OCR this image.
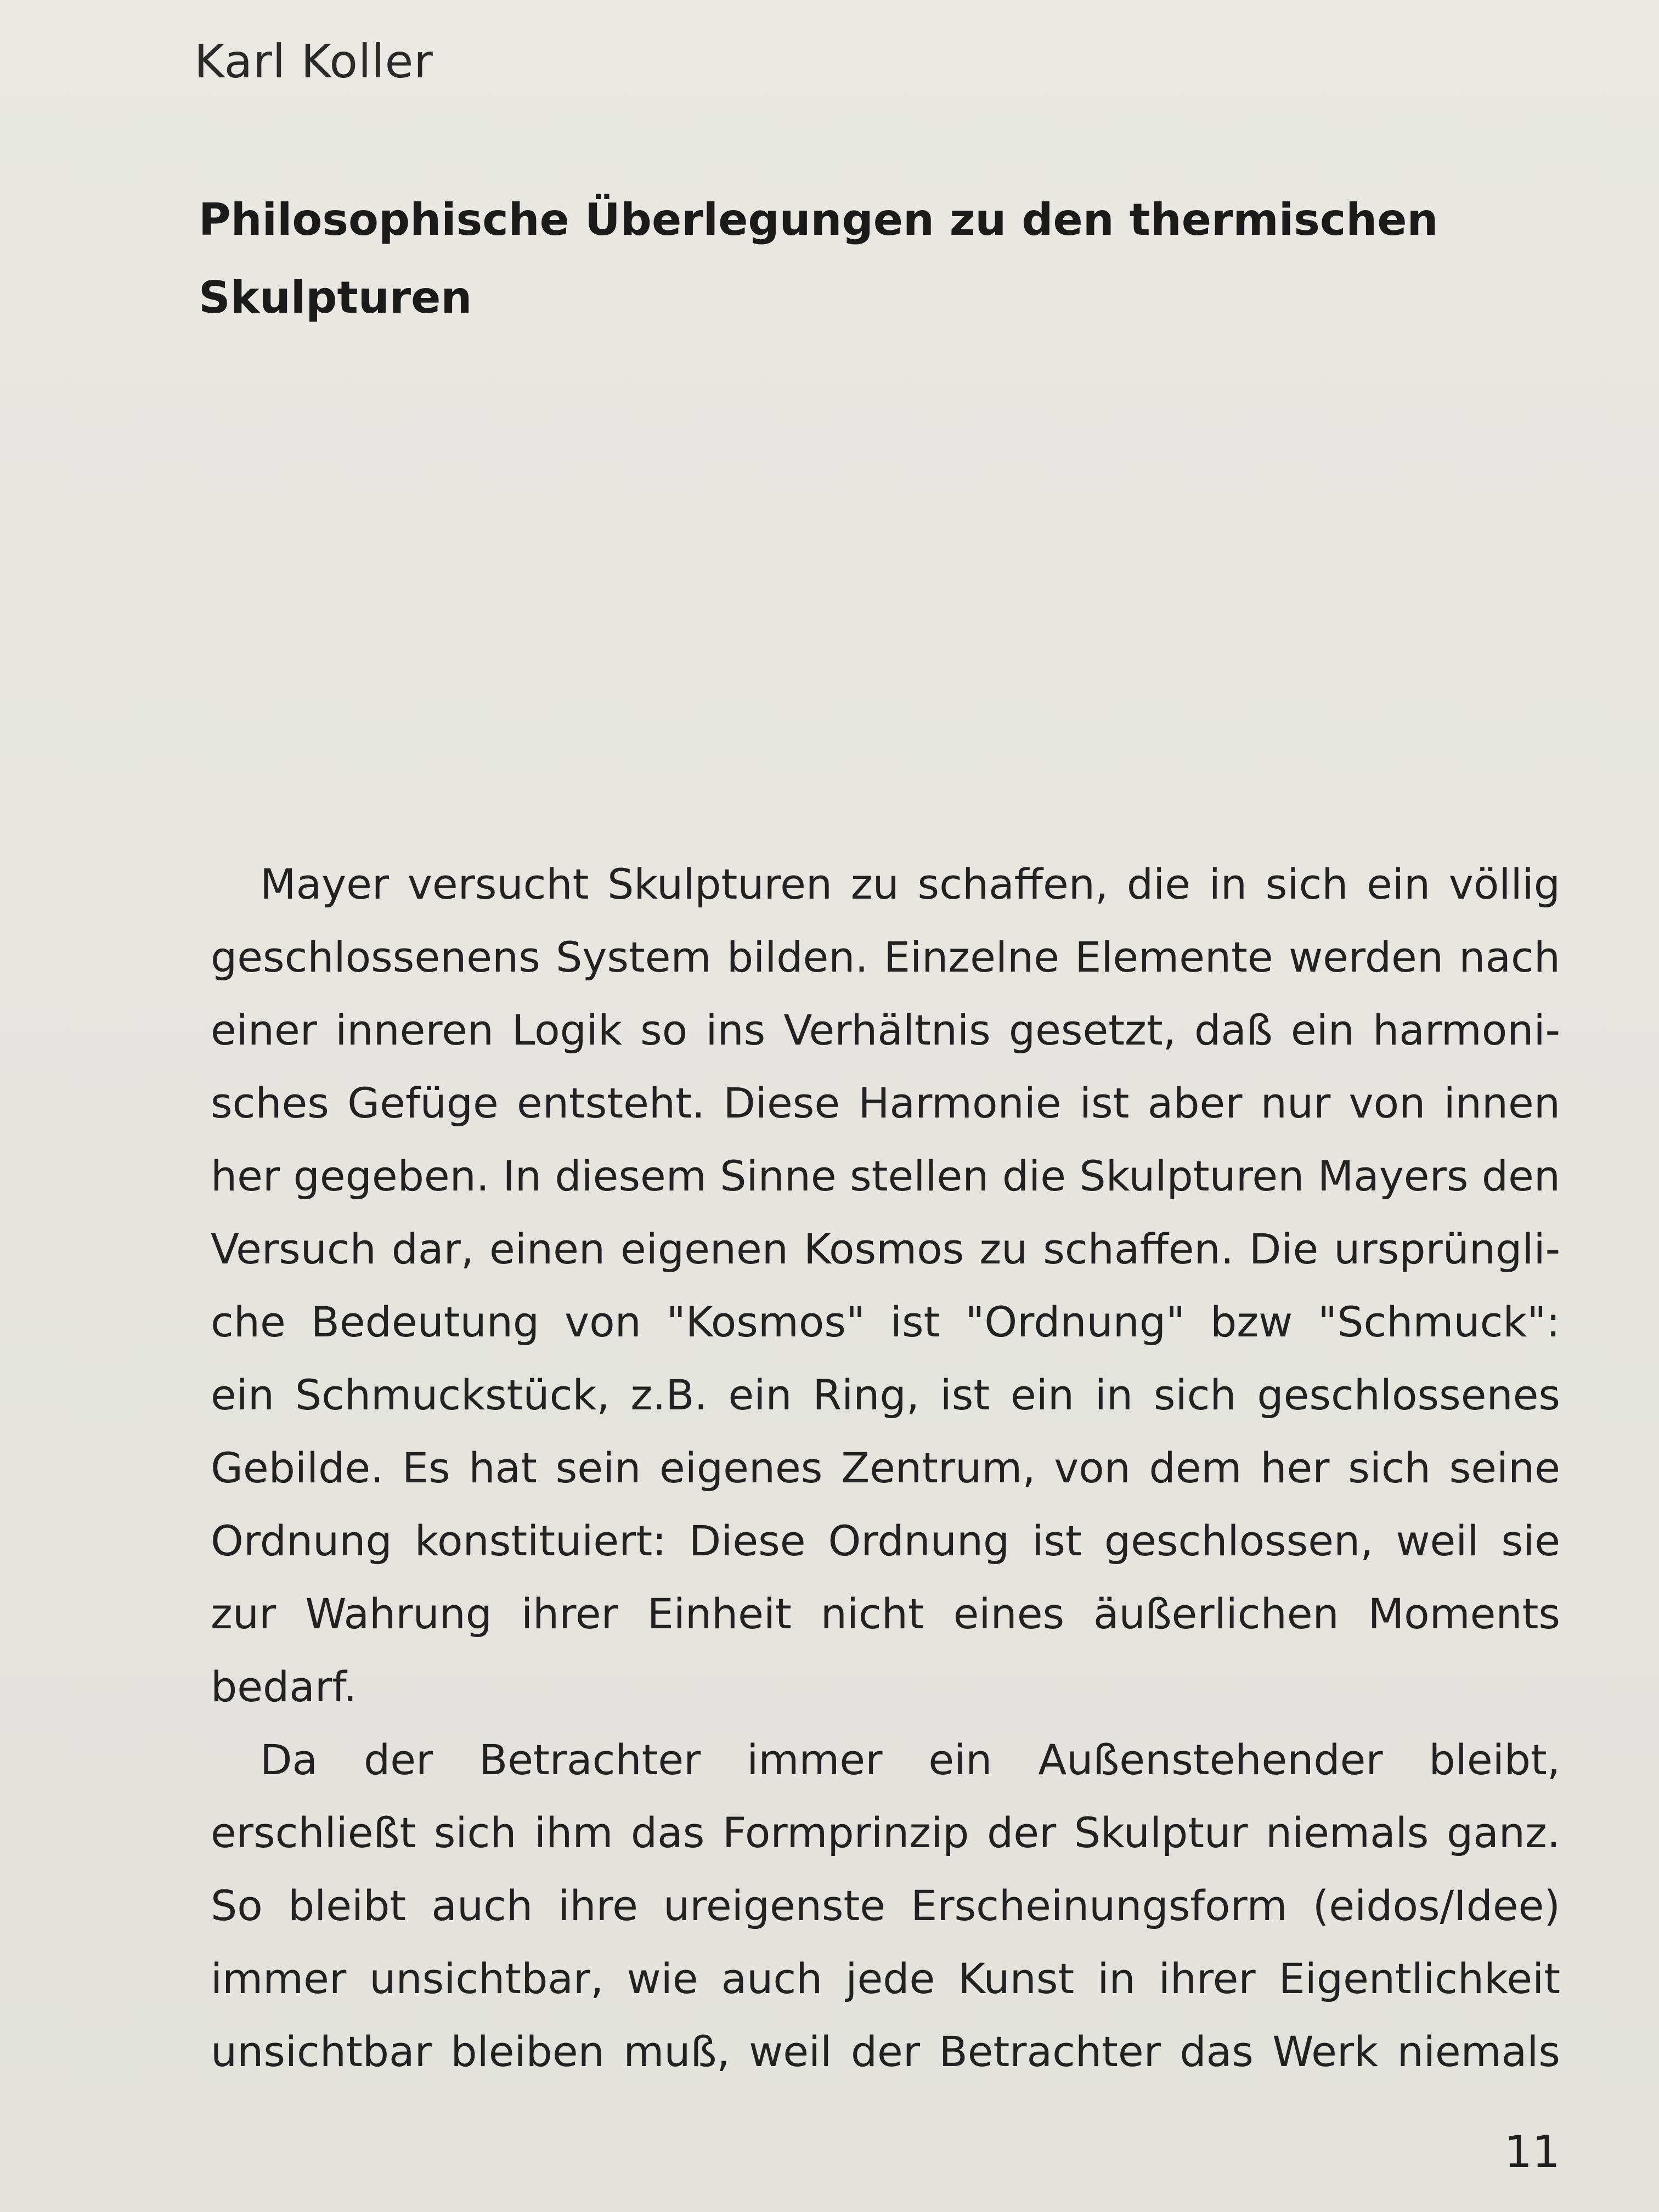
Karl Koller
Philosophische Überlegungen zu den thermischen
Skulpturen
Mayer versucht Skulpturen zu schaffen, die in sich ein völlig
geschlossenens System bilden. Einzelne Elemente werden nach
einer inneren Logik so ins Verhältnis gesetzt, daß ein harmoni-
sches Gefüge entsteht. Diese Harmonie ist aber nur von innen
her gegeben. In diesem Sinne stellen die Skulpturen Mayers den
Versuch dar, einen eigenen Kosmos zu schaffen. Die ursprüngli-
che Bedeutung von "Kosmos" ist "Ordnung" bzw "Schmuck":
ein Schmuckstück, z.B. ein Ring, ist ein in sich geschlossenes
Gebilde. Es hat sein eigenes Zentrum, von dem her sich seine
Ordnung konstituiert: Diese Ordnung ist geschlossen, weil sie
zur Wahrung ihrer Einheit nicht eines äußerlichen Moments
bedarf.
Da der Betrachter immer ein Außenstehender bleibt,
erschließt sich ihm das Formprinzip der Skulptur niemals ganz.
So bleibt auch ihre ureigenste Erscheinungsform (eidos/Idee)
immer unsichtbar, wie auch jede Kunst in ihrer Eigentlichkeit
unsichtbar bleiben muß, weil der Betrachter das Werk niemals
11
